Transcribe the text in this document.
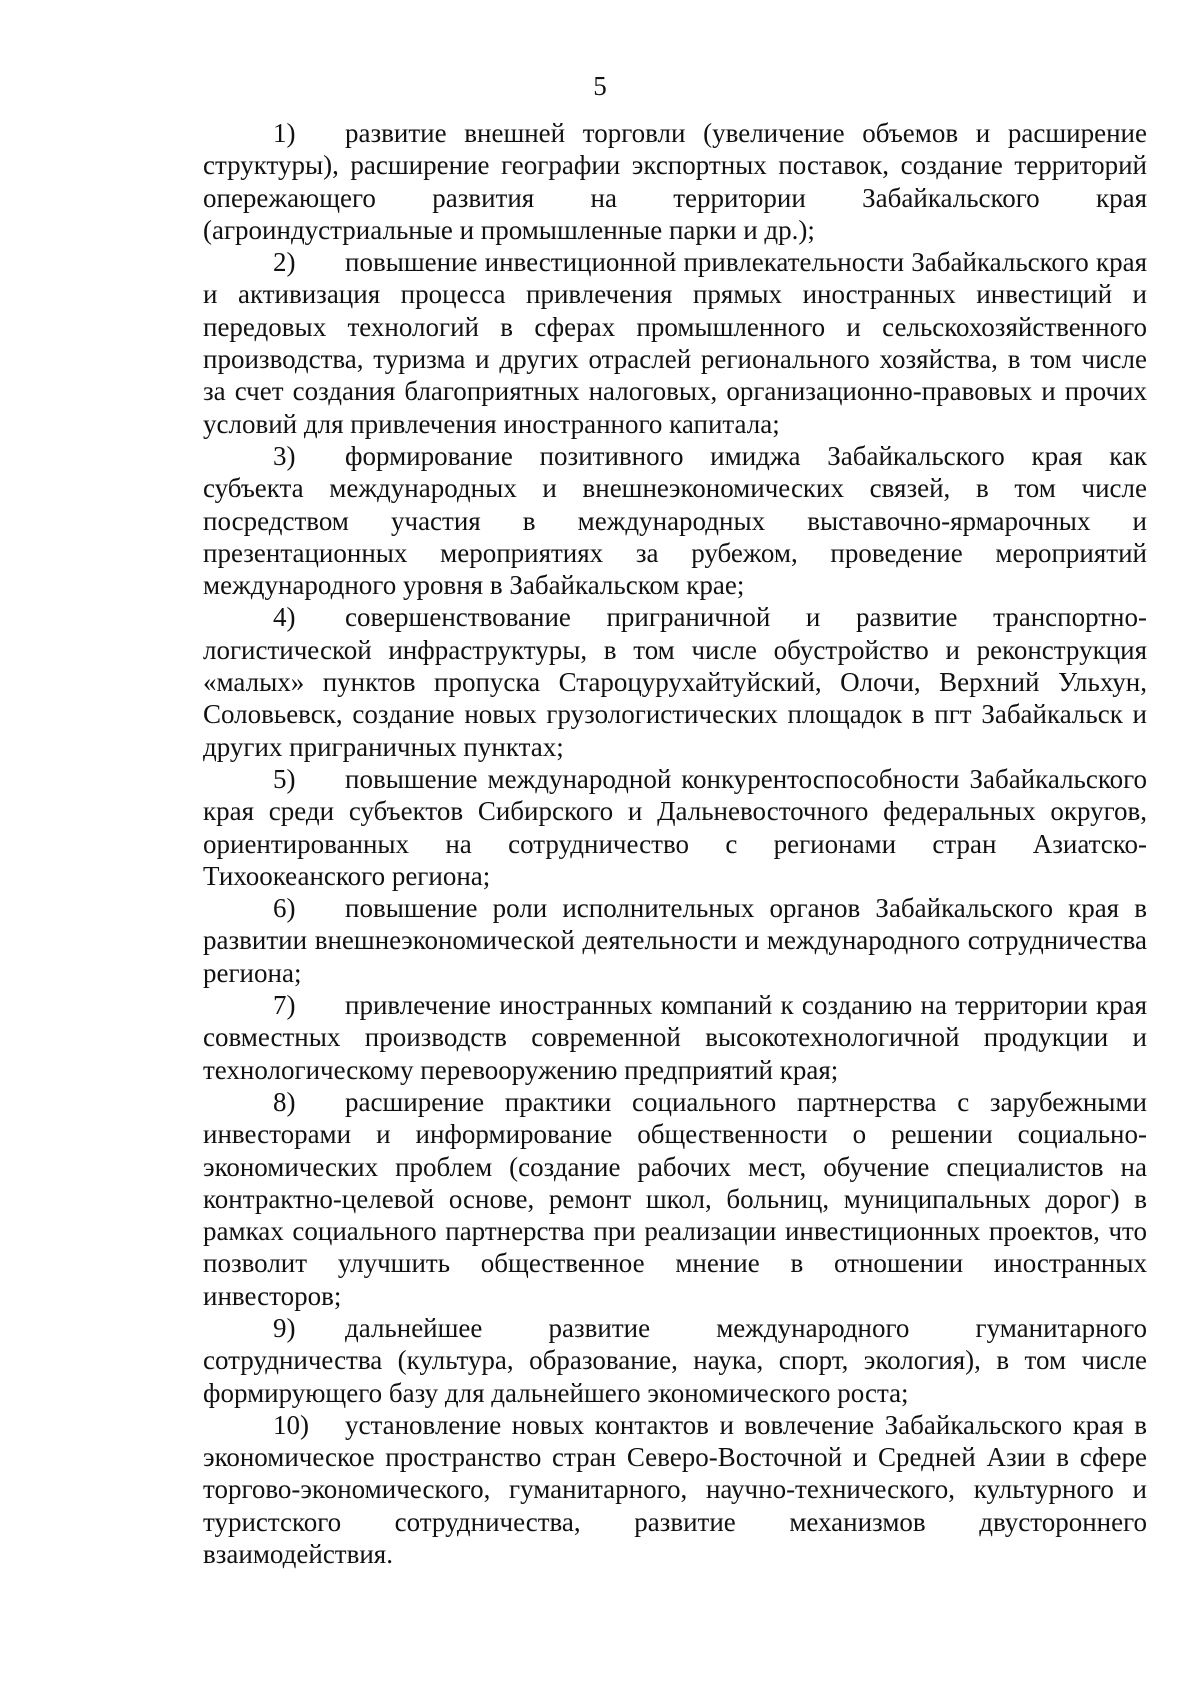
5

1) развитие внешней торговли (увеличение объемов и расширение структуры), расширение географии экспортных поставок, создание территорий опережающего развития на территории Забайкальского края (агроиндустриальные и промышленные парки и др.);

2) повышение инвестиционной привлекательности Забайкальского края и активизация процесса привлечения прямых иностранных инвестиций и передовых технологий в сферах промышленного и сельскохозяйственного производства, туризма и других отраслей регионального хозяйства, в том числе за счет создания благоприятных налоговых, организационно-правовых и прочих условий для привлечения иностранного капитала;

3) формирование позитивного имиджа Забайкальского края как субъекта международных и внешнеэкономических связей, в том числе посредством участия в международных выставочно-ярмарочных и презентационных мероприятиях за рубежом, проведение мероприятий международного уровня в Забайкальском крае;

4) совершенствование приграничной и развитие транспортно-логистической инфраструктуры, в том числе обустройство и реконструкция «малых» пунктов пропуска Староцурухайтуйский, Олочи, Верхний Ульхун, Соловьевск, создание новых грузологистических площадок в пгт Забайкальск и других приграничных пунктах;

5) повышение международной конкурентоспособности Забайкальского края среди субъектов Сибирского и Дальневосточного федеральных округов, ориентированных на сотрудничество с регионами стран Азиатско-Тихоокеанского региона;

6) повышение роли исполнительных органов Забайкальского края в развитии внешнеэкономической деятельности и международного сотрудничества региона;

7) привлечение иностранных компаний к созданию на территории края совместных производств современной высокотехнологичной продукции и технологическому перевооружению предприятий края;

8) расширение практики социального партнерства с зарубежными инвесторами и информирование общественности о решении социально-экономических проблем (создание рабочих мест, обучение специалистов на контрактно-целевой основе, ремонт школ, больниц, муниципальных дорог) в рамках социального партнерства при реализации инвестиционных проектов, что позволит улучшить общественное мнение в отношении иностранных инвесторов;

9) дальнейшее развитие международного гуманитарного сотрудничества (культура, образование, наука, спорт, экология), в том числе формирующего базу для дальнейшего экономического роста;

10) установление новых контактов и вовлечение Забайкальского края в экономическое пространство стран Северо-Восточной и Средней Азии в сфере торгово-экономического, гуманитарного, научно-технического, культурного и туристского сотрудничества, развитие механизмов двустороннего взаимодействия.
